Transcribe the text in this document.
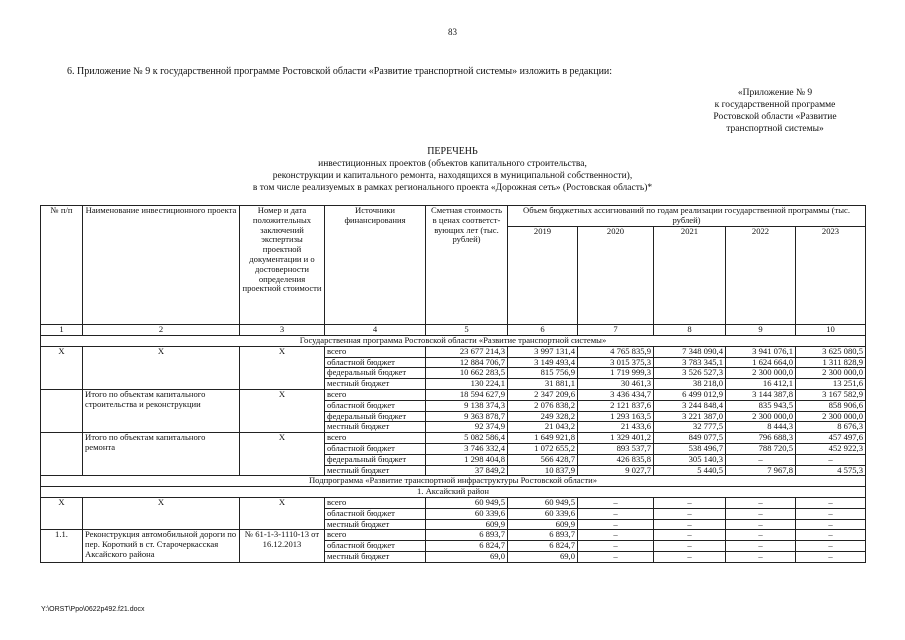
83
6. Приложение № 9 к государственной программе Ростовской области «Развитие транспортной системы» изложить в редакции:
«Приложение № 9
к государственной программе
Ростовской области «Развитие
транспортной системы»
ПЕРЕЧЕНЬ
инвестиционных проектов (объектов капитального строительства,
реконструкции и капитального ремонта, находящихся в муниципальной собственности),
в том числе реализуемых в рамках регионального проекта «Дорожная сеть» (Ростовская область)*
№ п/п	Наименование инвестиционного проекта	Номер и дата положительных заключений экспертизы проектной документации и о достоверности определения проектной стоимости	Источники финансирования	Сметная стоимость в ценах соответст-вующих лет (тыс. рублей)	Объем бюджетных ассигнований по годам реализации государственной программы (тыс. рублей)				
					2019	2020	2021	2022	2023
1	2	3	4	5	6	7	8	9	10
Государственная программа Ростовской области «Развитие транспортной системы»									
Х	Х	Х	всего	23 677 214,3	3 997 131,4	4 765 835,9	7 348 090,4	3 941 076,1	3 625 080,5
			областной бюджет	12 884 706,7	3 149 493,4	3 015 375,3	3 783 345,1	1 624 664,0	1 311 828,9
			федеральный бюджет	10 662 283,5	815 756,9	1 719 999,3	3 526 527,3	2 300 000,0	2 300 000,0
			местный бюджет	130 224,1	31 881,1	30 461,3	38 218,0	16 412,1	13 251,6
	Итого по объектам капитального строительства и реконструкции	Х	всего	18 594 627,9	2 347 209,6	3 436 434,7	6 499 012,9	3 144 387,8	3 167 582,9
			областной бюджет	9 138 374,3	2 076 838,2	2 121 837,6	3 244 848,4	835 943,5	858 906,6
			федеральный бюджет	9 363 878,7	249 328,2	1 293 163,5	3 221 387,0	2 300 000,0	2 300 000,0
			местный бюджет	92 374,9	21 043,2	21 433,6	32 777,5	8 444,3	8 676,3
	Итого по объектам капитального ремонта	Х	всего	5 082 586,4	1 649 921,8	1 329 401,2	849 077,5	796 688,3	457 497,6
			областной бюджет	3 746 332,4	1 072 655,2	893 537,7	538 496,7	788 720,5	452 922,3
			федеральный бюджет	1 298 404,8	566 428,7	426 835,8	305 140,3	–	–
			местный бюджет	37 849,2	10 837,9	9 027,7	5 440,5	7 967,8	4 575,3
Подпрограмма «Развитие транспортной инфраструктуры Ростовской области»									
1. Аксайский район									
Х	Х	Х	всего	60 949,5	60 949,5	–	–	–	–
			областной бюджет	60 339,6	60 339,6	–	–	–	–
			местный бюджет	609,9	609,9	–	–	–	–
1.1.	Реконструкция автомобильной дороги по пер. Короткий в ст. Старочеркасская Аксайского района	№ 61-1-3-1110-13 от 16.12.2013	всего	6 893,7	6 893,7	–	–	–	–
			областной бюджет	6 824,7	6 824,7	–	–	–	–
			местный бюджет	69,0	69,0	–	–	–	–
Y:\ORST\Ppo\0622p492.f21.docx
